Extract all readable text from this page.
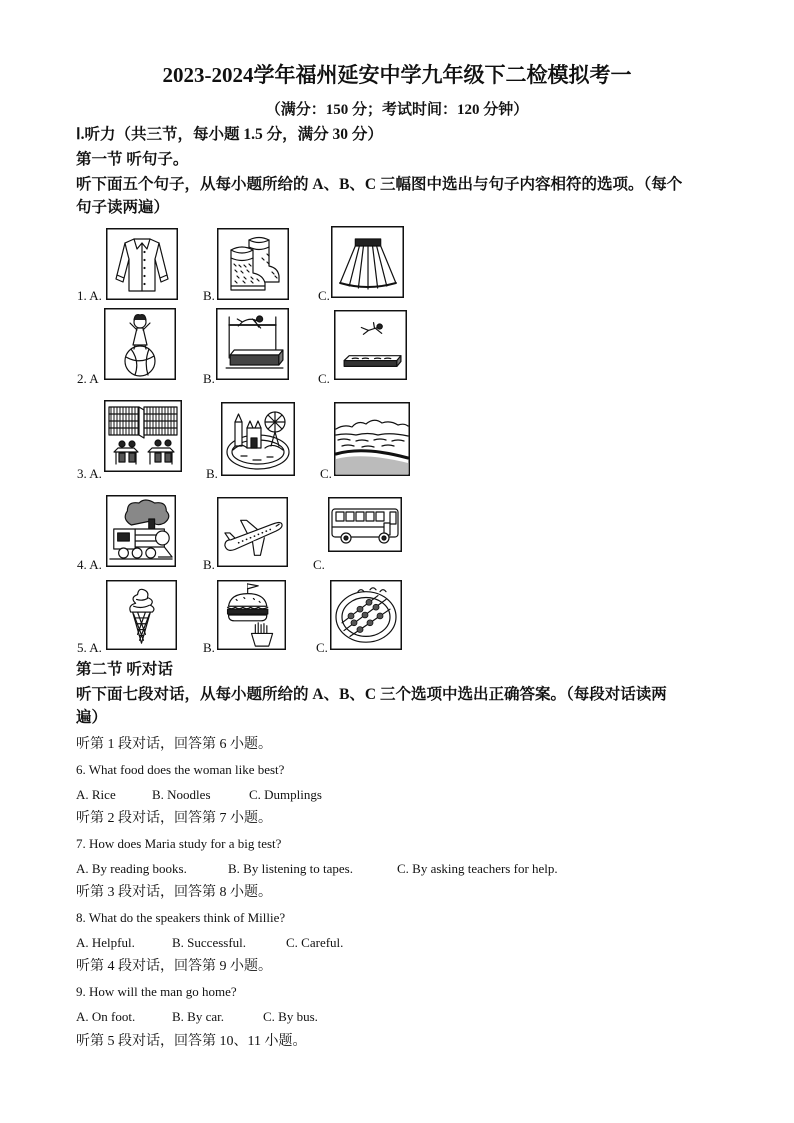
2023-2024学年福州延安中学九年级下二检模拟考一
（满分：150 分；考试时间：120 分钟）
Ⅰ.听力（共三节，每小题 1.5 分，满分 30 分）
第一节 听句子。
听下面五个句子，从每小题所给的 A、B、C 三幅图中选出与句子内容相符的选项。（每个
句子读两遍）
1. A.	B.	C.
2. A	B.	C.
3. A.	B.	C.
4. A.	B.	C.
5. A.	B.	C.
第二节 听对话
听下面七段对话，从每小题所给的 A、B、C 三个选项中选出正确答案。（每段对话读两
遍）
听第 1 段对话，回答第 6 小题。
6. What food does the woman like best?
A. Rice	B. Noodles	C. Dumplings
听第 2 段对话，回答第 7 小题。
7. How does Maria study for a big test?
A. By reading books.	B. By listening to tapes.	C. By asking teachers for help.
听第 3 段对话，回答第 8 小题。
8. What do the speakers think of Millie?
A. Helpful.	B. Successful.	C. Careful.
听第 4 段对话，回答第 9 小题。
9. How will the man go home?
A. On foot.	B. By car.	C. By bus.
听第 5 段对话，回答第 10、11 小题。
